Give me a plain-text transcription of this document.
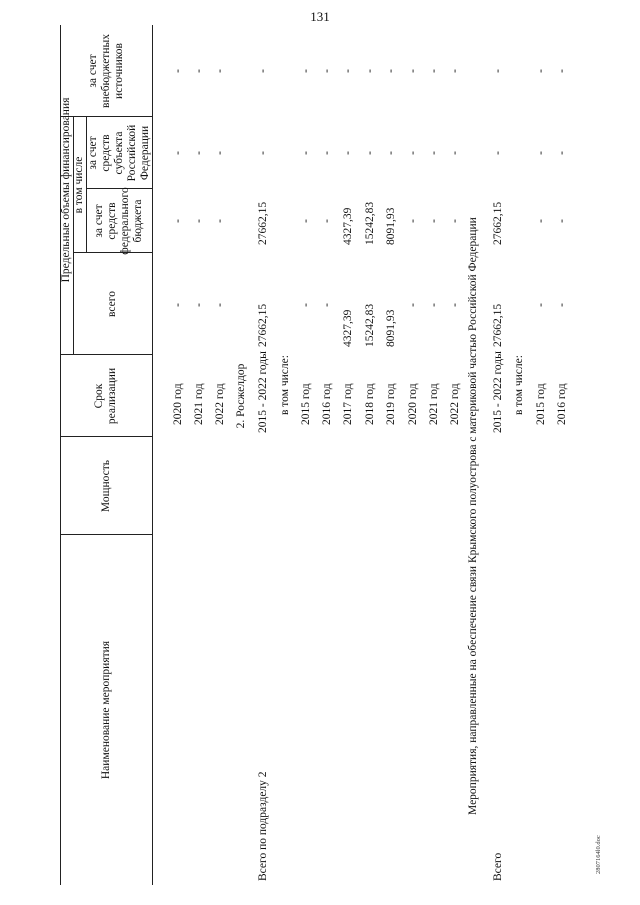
131
Наименование мероприятия
Мощность
Срок реализации
Предельные объемы финансирования
всего
за счет средств федерального бюджета
в том числе
за счет средств субъекта Российской Федерации
за счет внебюджетных источников
2020 год
-
-
-
-
2021 год
-
-
-
-
2022 год
-
-
-
-
Всего по подразделу 2
2015 - 2022 годы
27662,15
27662,15
-
-
в том числе: 2015 год
-
-
-
-
2016 год
-
-
-
-
2017 год
4327,39
4327,39
-
-
2018 год
15242,83
15242,83
-
-
2019 год
8091,93
8091,93
-
-
2020 год
-
-
-
-
2021 год
-
-
-
-
2022 год
-
-
-
-
Всего
2015 - 2022 годы
27662,15
27662,15
-
-
в том числе: 2015 год
-
-
-
-
2016 год
-
-
-
-
2. Росжелдор	Мероприятия, направленные на обеспечение связи Крымского полуострова с материковой частью Российской Федерации
2807164l0.doc
